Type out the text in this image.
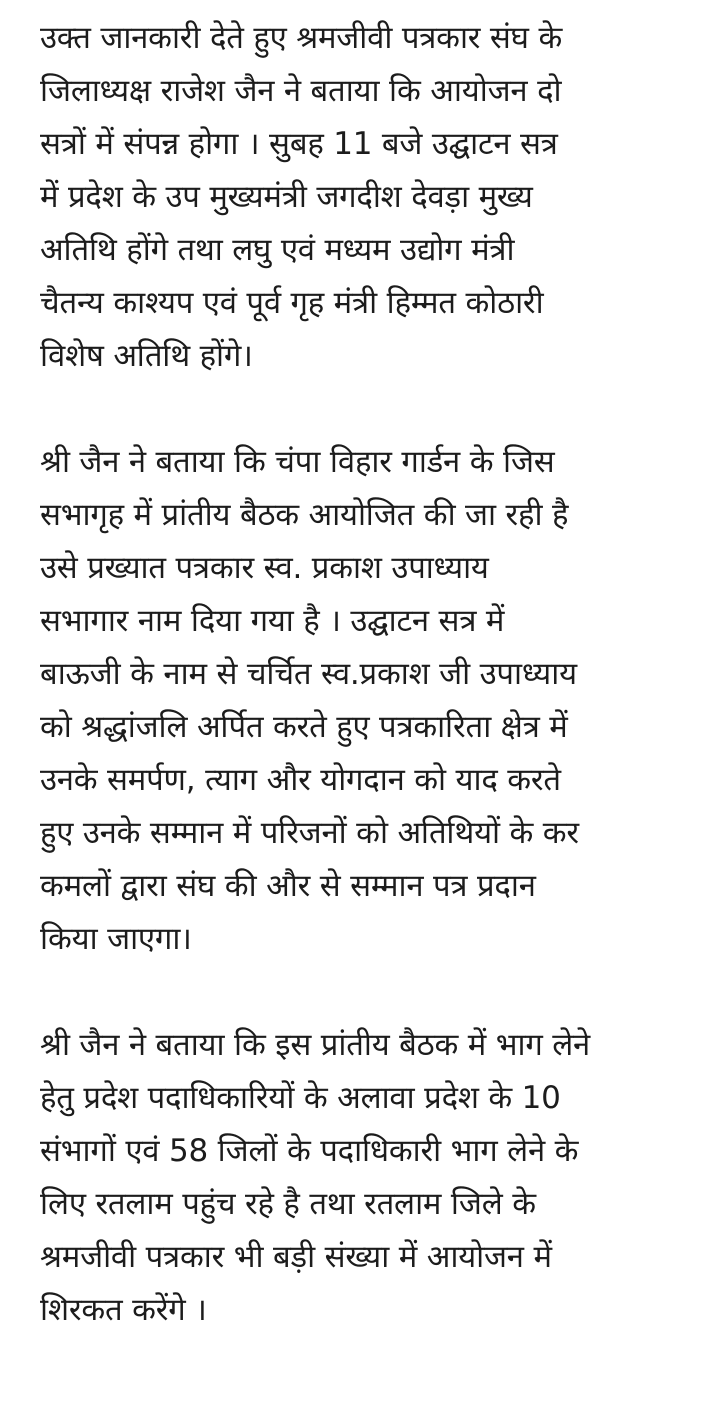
उक्त जानकारी देते हुए श्रमजीवी पत्रकार संघ के
जिलाध्यक्ष राजेश जैन ने बताया कि आयोजन दो
सत्रों में संपन्न होगा । सुबह 11 बजे उद्घाटन सत्र
में प्रदेश के उप मुख्यमंत्री जगदीश देवड़ा मुख्य
अतिथि होंगे तथा लघु एवं मध्यम उद्योग मंत्री
चैतन्य काश्यप एवं पूर्व गृह मंत्री हिम्मत कोठारी
विशेष अतिथि होंगे।

श्री जैन ने बताया कि चंपा विहार गार्डन के जिस
सभागृह में प्रांतीय बैठक आयोजित की जा रही है
उसे प्रख्यात पत्रकार स्व. प्रकाश उपाध्याय
सभागार नाम दिया गया है । उद्घाटन सत्र में
बाऊजी के नाम से चर्चित स्व.प्रकाश जी उपाध्याय
को श्रद्धांजलि अर्पित करते हुए पत्रकारिता क्षेत्र में
उनके समर्पण, त्याग और योगदान को याद करते
हुए उनके सम्मान में परिजनों को अतिथियों के कर
कमलों द्वारा संघ की और से सम्मान पत्र प्रदान
किया जाएगा।

श्री जैन ने बताया कि इस प्रांतीय बैठक में भाग लेने
हेतु प्रदेश पदाधिकारियों के अलावा प्रदेश के 10
संभागों एवं 58 जिलों के पदाधिकारी भाग लेने के
लिए रतलाम पहुंच रहे है तथा रतलाम जिले के
श्रमजीवी पत्रकार भी बड़ी संख्या में आयोजन में
शिरकत करेंगे ।
